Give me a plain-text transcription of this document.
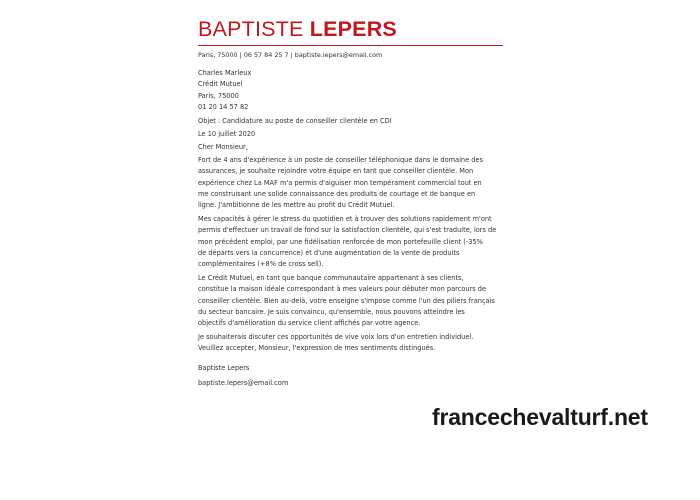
BAPTISTE LEPERS
Paris, 75000 | 06 57 84 25 7 | baptiste.lepers@email.com
Charles Marleux
Crédit Mutuel
Paris, 75000
01 20 14 57 82
Objet : Candidature au poste de conseiller clientèle en CDI
Le 10 juillet 2020
Cher Monsieur,
Fort de 4 ans d'expérience à un poste de conseiller téléphonique dans le domaine des
assurances, je souhaite rejoindre votre équipe en tant que conseiller clientèle. Mon
expérience chez La MAF m'a permis d'aiguiser mon tempérament commercial tout en
me construisant une solide connaissance des produits de courtage et de banque en
ligne. J'ambitionne de les mettre au profit du Crédit Mutuel.
Mes capacités à gérer le stress du quotidien et à trouver des solutions rapidement m'ont
permis d'effectuer un travail de fond sur la satisfaction clientèle, qui s'est traduite, lors de
mon précédent emploi, par une fidélisation renforcée de mon portefeuille client (-35%
de départs vers la concurrence) et d'une augmentation de la vente de produits
complémentaires (+8% de cross sell).
Le Crédit Mutuel, en tant que banque communautaire appartenant à ses clients,
constitue la maison idéale correspondant à mes valeurs pour débuter mon parcours de
conseiller clientèle. Bien au-delà, votre enseigne s'impose comme l'un des piliers français
du secteur bancaire. Je suis convaincu, qu'ensemble, nous pouvons atteindre les
objectifs d'amélioration du service client affichés par votre agence.
Je souhaiterais discuter ces opportunités de vive voix lors d'un entretien individuel.
Veuillez accepter, Monsieur, l'expression de mes sentiments distingués.
Baptiste Lepers
baptiste.lepers@email.com
francechevalturf.net
